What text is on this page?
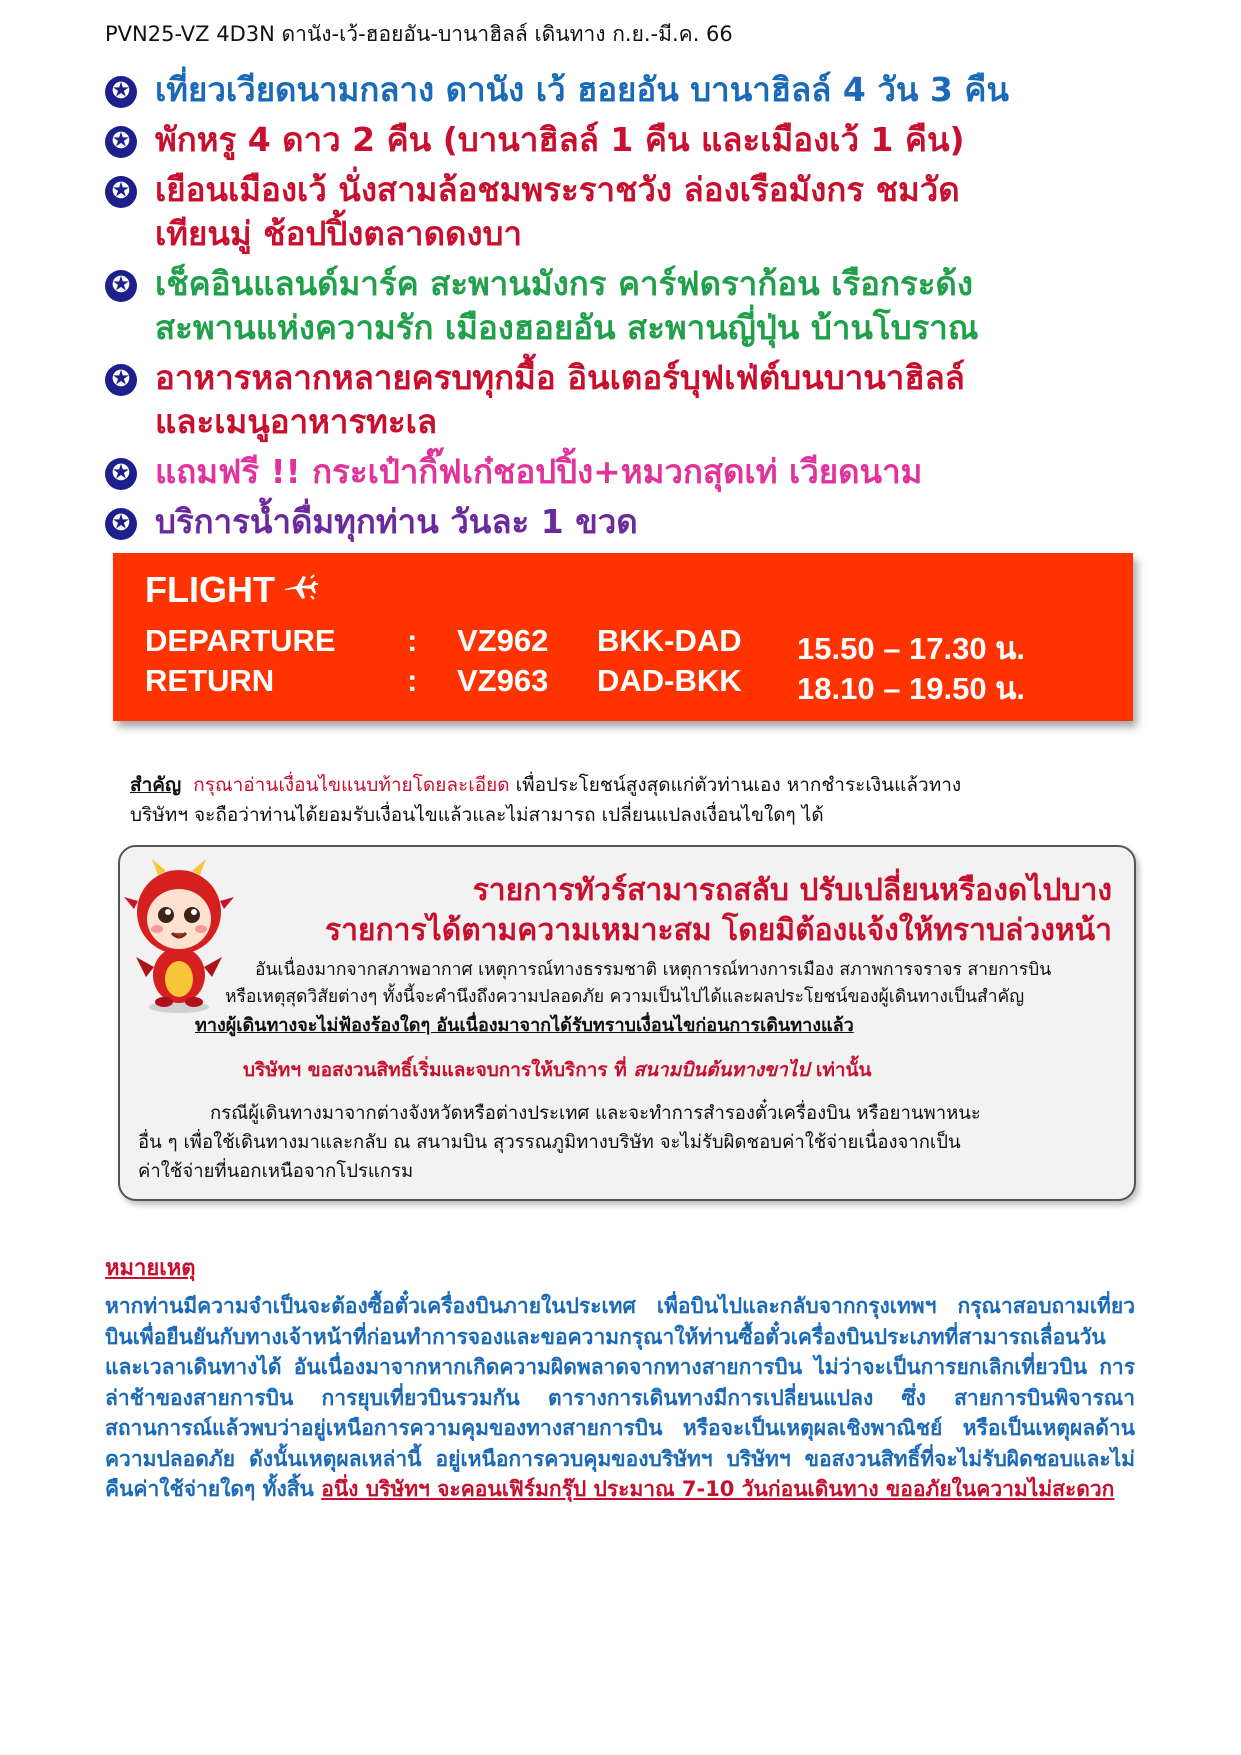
PVN25-VZ 4D3N ดานัง-เว้-ฮอยอัน-บานาฮิลล์ เดินทาง ก.ย.-มี.ค. 66
✪ เที่ยวเวียดนามกลาง ดานัง เว้ ฮอยอัน บานาฮิลล์ 4 วัน 3 คืน
✪ พักหรู 4 ดาว 2 คืน (บานาฮิลล์ 1 คืน และเมืองเว้ 1 คืน)
✪ เยือนเมืองเว้ นั่งสามล้อชมพระราชวัง ล่องเรือมังกร ชมวัด
เทียนมู่ ช้อปปิ้งตลาดดงบา
✪ เช็คอินแลนด์มาร์ค สะพานมังกร คาร์ฟดราก้อน เรือกระด้ง
สะพานแห่งความรัก เมืองฮอยอัน สะพานญี่ปุ่น บ้านโบราณ
✪ อาหารหลากหลายครบทุกมื้อ อินเตอร์บุฟเฟ่ต์บนบานาฮิลล์
และเมนูอาหารทะเล
✪ แถมฟรี !! กระเป๋ากิ๊ฟเก๋ชอปปิ้ง+หมวกสุดเท่ เวียดนาม
✪ บริการน้ำดื่มทุกท่าน วันละ 1 ขวด
FLIGHT
DEPARTURE : VZ962 BKK-DAD 15.50 – 17.30 น.
RETURN	: VZ963 DAD-BKK 18.10 – 19.50 น.
สำคัญ กรุณาอ่านเงื่อนไขแนบท้ายโดยละเอียด เพื่อประโยชน์สูงสุดแก่ตัวท่านเอง หากชำระเงินแล้วทาง
บริษัทฯ จะถือว่าท่านได้ยอมรับเงื่อนไขแล้วและไม่สามารถ เปลี่ยนแปลงเงื่อนไขใดๆ ได้
รายการทัวร์สามารถสลับ ปรับเปลี่ยนหรืองดไปบาง
รายการได้ตามความเหมาะสม โดยมิต้องแจ้งให้ทราบล่วงหน้า
อันเนื่องมากจากสภาพอากาศ เหตุการณ์ทางธรรมชาติ เหตุการณ์ทางการเมือง สภาพการจราจร สายการบิน
หรือเหตุสุดวิสัยต่างๆ ทั้งนี้จะคำนึงถึงความปลอดภัย ความเป็นไปได้และผลประโยชน์ของผู้เดินทางเป็นสำคัญ
ทางผู้เดินทางจะไม่ฟ้องร้องใดๆ อันเนื่องมาจากได้รับทราบเงื่อนไขก่อนการเดินทางแล้ว
บริษัทฯ ขอสงวนสิทธิ์เริ่มและจบการให้บริการ ที่ สนามบินต้นทางขาไป เท่านั้น
กรณีผู้เดินทางมาจากต่างจังหวัดหรือต่างประเทศ และจะทำการสำรองตั๋วเครื่องบิน หรือยานพาหนะ
อื่น ๆ เพื่อใช้เดินทางมาและกลับ ณ สนามบิน สุวรรณภูมิทางบริษัท จะไม่รับผิดชอบค่าใช้จ่ายเนื่องจากเป็น
ค่าใช้จ่ายที่นอกเหนือจากโปรแกรม
หมายเหตุ
หากท่านมีความจำเป็นจะต้องซื้อตั๋วเครื่องบินภายในประเทศ เพื่อบินไปและกลับจากกรุงเทพฯ กรุณาสอบถามเที่ยวบินเพื่อยืนยันกับทางเจ้าหน้าที่ก่อนทำการจองและขอความกรุณาให้ท่านซื้อตั๋วเครื่องบินประเภทที่สามารถเลื่อนวันและเวลาเดินทางได้ อันเนื่องมาจากหากเกิดความผิดพลาดจากทางสายการบิน ไม่ว่าจะเป็นการยกเลิกเที่ยวบิน การล่าช้าของสายการบิน การยุบเที่ยวบินรวมกัน ตารางการเดินทางมีการเปลี่ยนแปลง ซึ่ง สายการบินพิจารณาสถานการณ์แล้วพบว่าอยู่เหนือการความคุมของทางสายการบิน หรือจะเป็นเหตุผลเชิงพาณิชย์ หรือเป็นเหตุผลด้านความปลอดภัย ดังนั้นเหตุผลเหล่านี้ อยู่เหนือการควบคุมของบริษัทฯ บริษัทฯ ขอสงวนสิทธิ์ที่จะไม่รับผิดชอบและไม่คืนค่าใช้จ่ายใดๆ ทั้งสิ้น อนึ่ง บริษัทฯ จะคอนเฟิร์มกรุ๊ป ประมาณ 7-10 วันก่อนเดินทาง ขออภัยในความไม่สะดวก
